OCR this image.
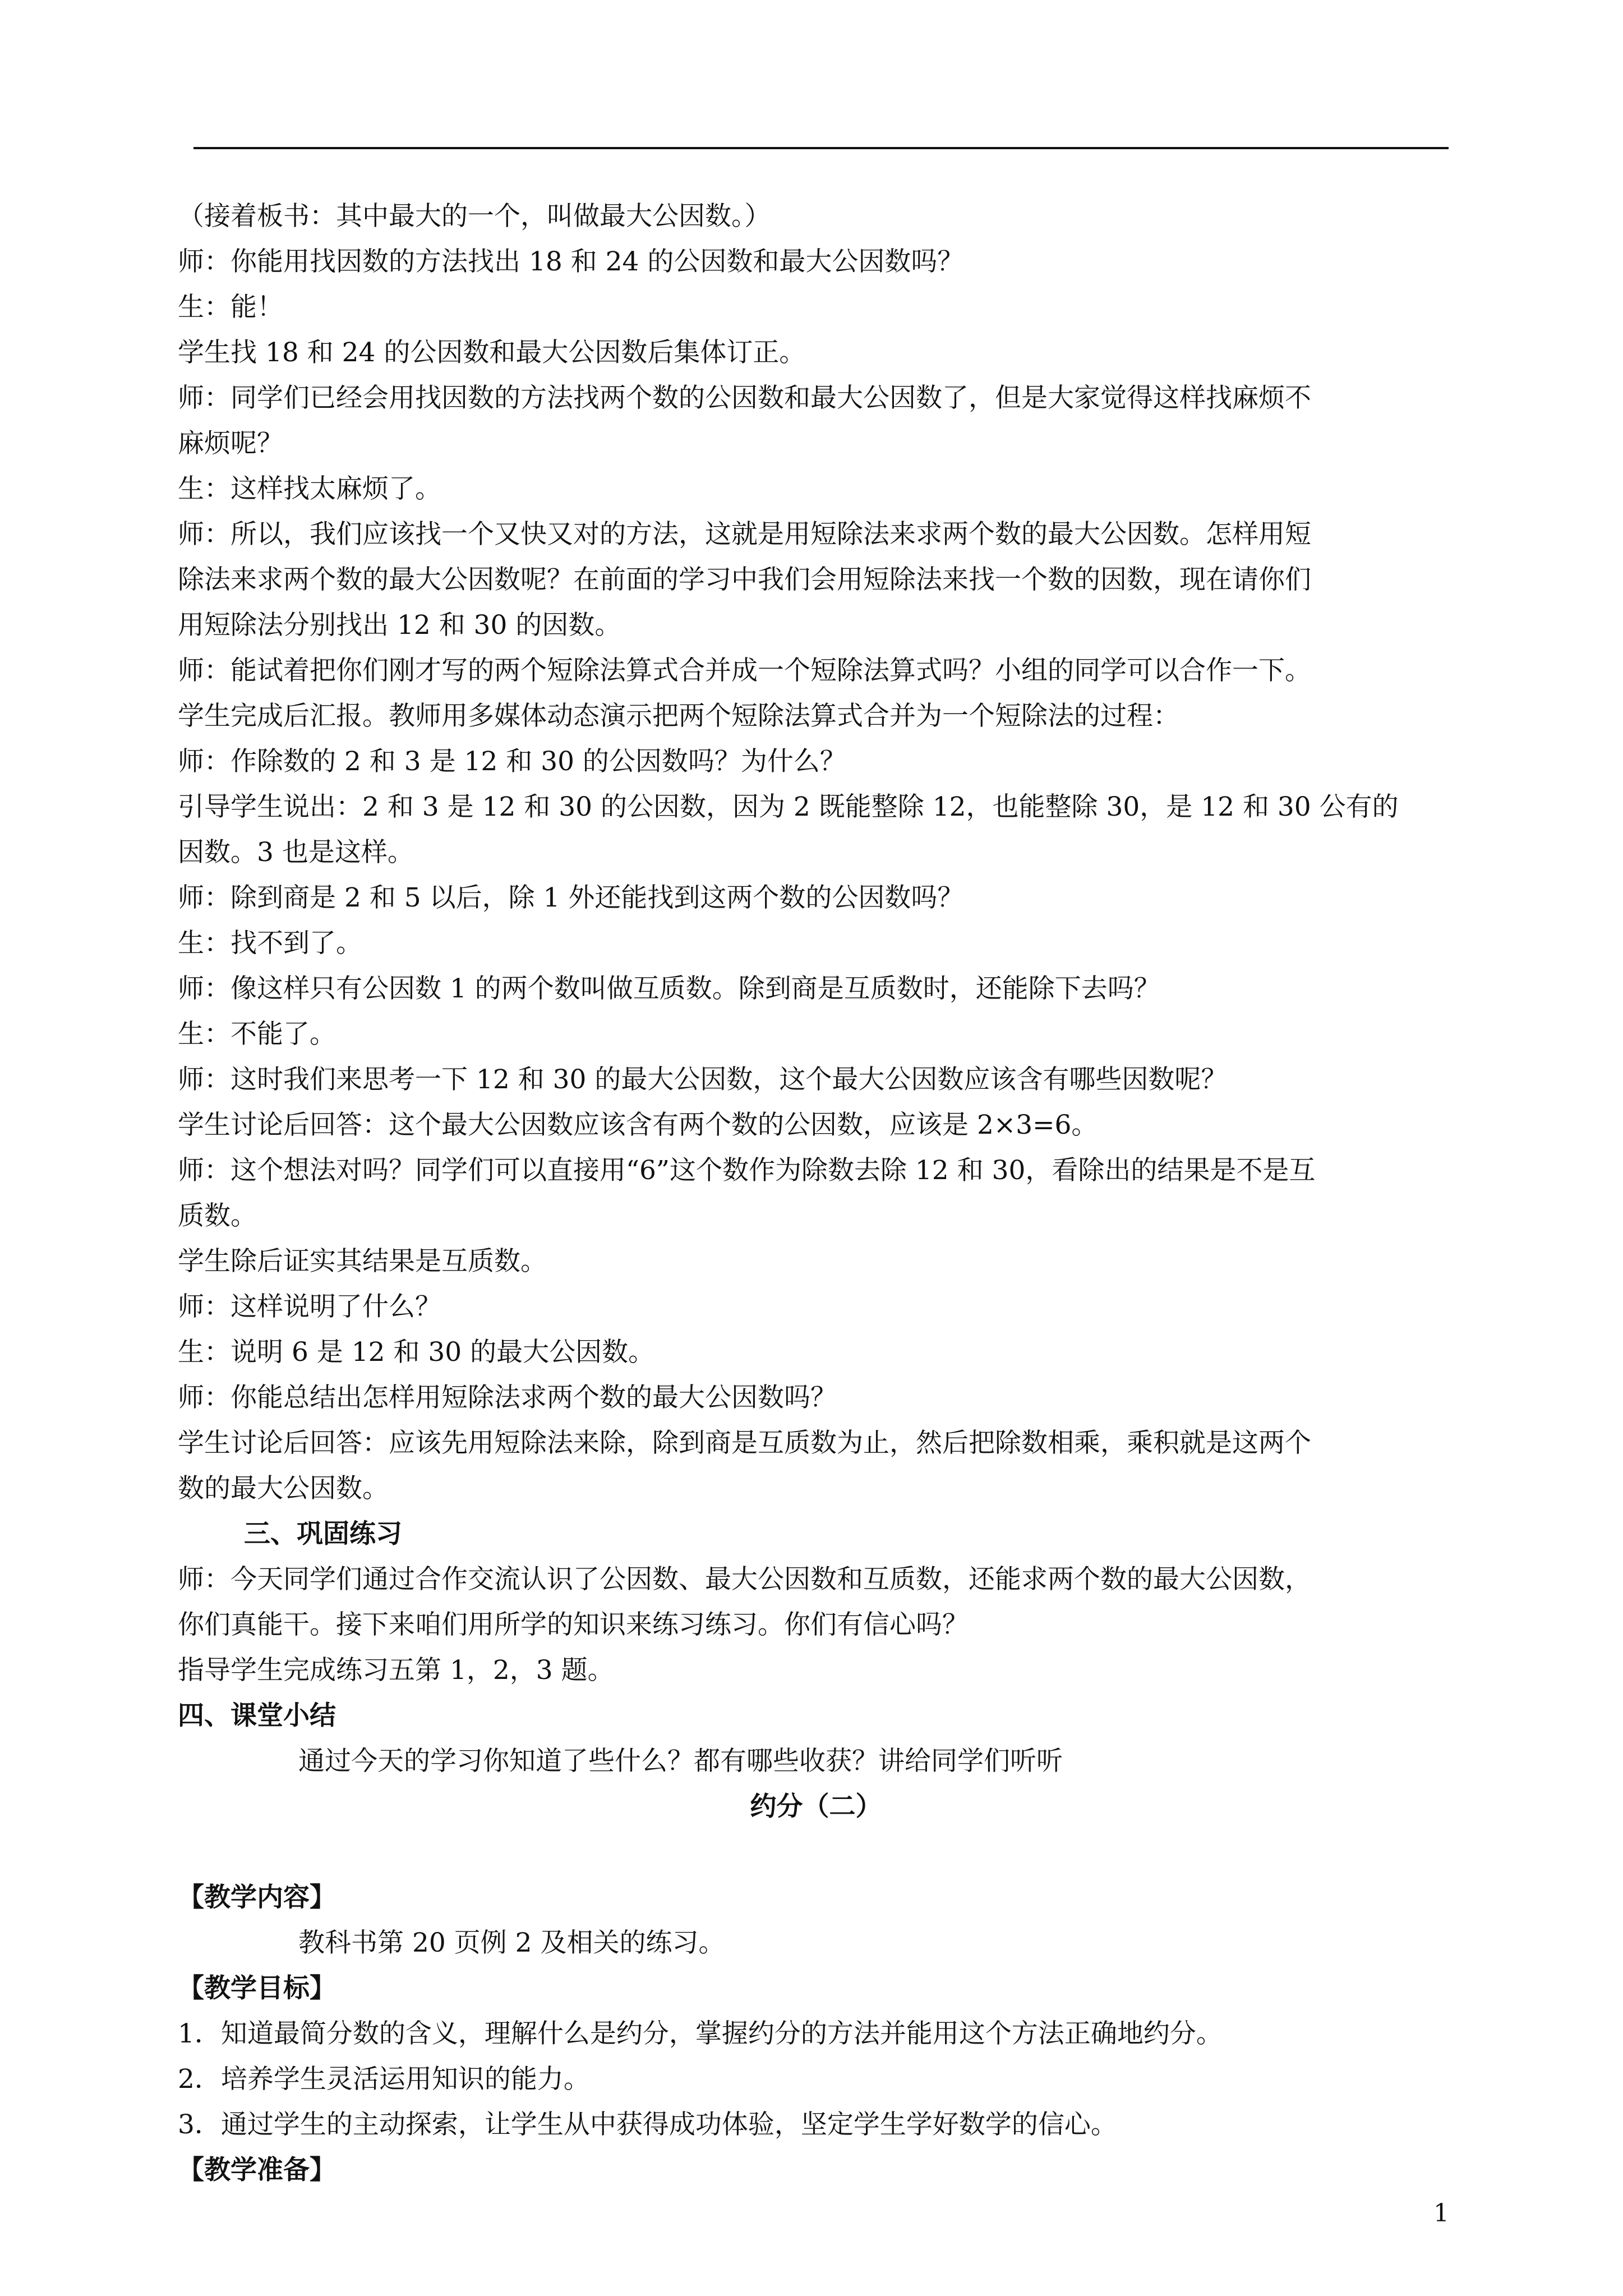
（接着板书：其中最大的一个，叫做最大公因数。）

师：你能用找因数的方法找出 18 和 24 的公因数和最大公因数吗？

生：能！

学生找 18 和 24 的公因数和最大公因数后集体订正。

师：同学们已经会用找因数的方法找两个数的公因数和最大公因数了，但是大家觉得这样找麻烦不

麻烦呢？

生：这样找太麻烦了。

师：所以，我们应该找一个又快又对的方法，这就是用短除法来求两个数的最大公因数。怎样用短

除法来求两个数的最大公因数呢？在前面的学习中我们会用短除法来找一个数的因数，现在请你们

用短除法分别找出 12 和 30 的因数。

师：能试着把你们刚才写的两个短除法算式合并成一个短除法算式吗？小组的同学可以合作一下。

学生完成后汇报。教师用多媒体动态演示把两个短除法算式合并为一个短除法的过程：

师：作除数的 2 和 3 是 12 和 30 的公因数吗？为什么？

引导学生说出：2 和 3 是 12 和 30 的公因数，因为 2 既能整除 12，也能整除 30，是 12 和 30 公有的

因数。3 也是这样。

师：除到商是 2 和 5 以后，除 1 外还能找到这两个数的公因数吗？

生：找不到了。

师：像这样只有公因数 1 的两个数叫做互质数。除到商是互质数时，还能除下去吗？

生：不能了。

师：这时我们来思考一下 12 和 30 的最大公因数，这个最大公因数应该含有哪些因数呢？

学生讨论后回答：这个最大公因数应该含有两个数的公因数，应该是 2×3=6。

师：这个想法对吗？同学们可以直接用“6”这个数作为除数去除 12 和 30，看除出的结果是不是互

质数。

学生除后证实其结果是互质数。

师：这样说明了什么？

生：说明 6 是 12 和 30 的最大公因数。

师：你能总结出怎样用短除法求两个数的最大公因数吗？

学生讨论后回答：应该先用短除法来除，除到商是互质数为止，然后把除数相乘，乘积就是这两个

数的最大公因数。

三、巩固练习

师：今天同学们通过合作交流认识了公因数、最大公因数和互质数，还能求两个数的最大公因数，

你们真能干。接下来咱们用所学的知识来练习练习。你们有信心吗？

指导学生完成练习五第 1，2，3 题。

四、课堂小结

通过今天的学习你知道了些什么？都有哪些收获？讲给同学们听听

约分（二）

【教学内容】

教科书第 20 页例 2 及相关的练习。

【教学目标】

1．知道最简分数的含义，理解什么是约分，掌握约分的方法并能用这个方法正确地约分。

2．培养学生灵活运用知识的能力。

3．通过学生的主动探索，让学生从中获得成功体验，坚定学生学好数学的信心。

【教学准备】

1
